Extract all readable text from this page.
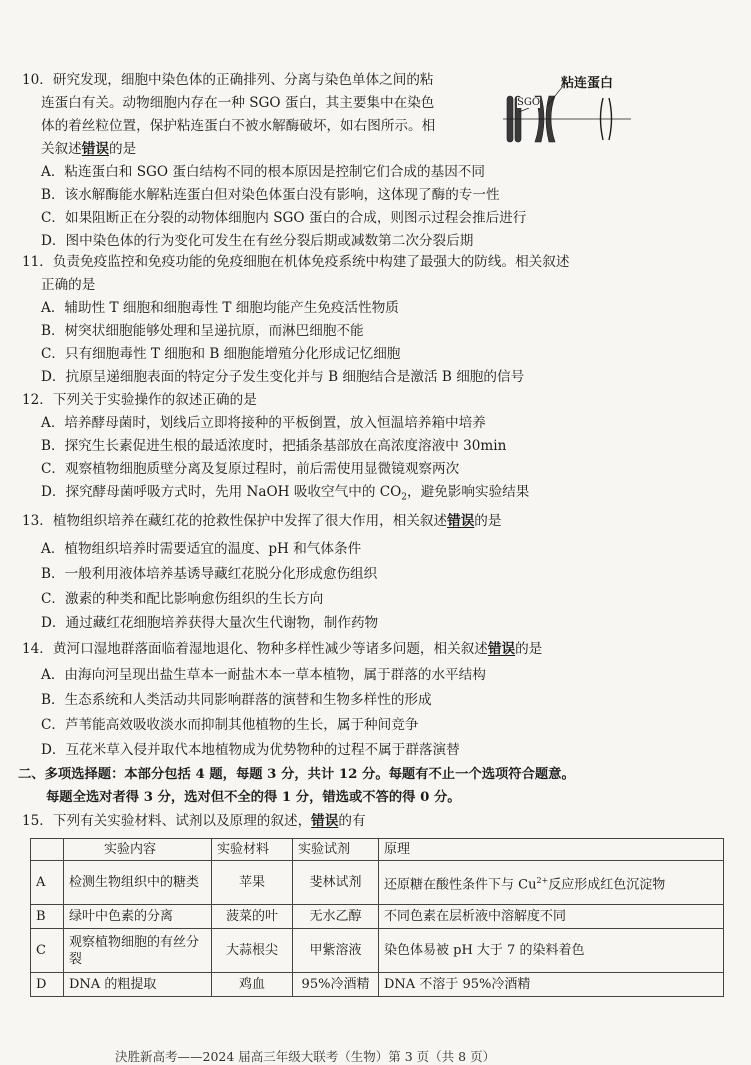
10．研究发现，细胞中染色体的正确排列、分离与染色单体之间的粘
连蛋白有关。动物细胞内存在一种 SGO 蛋白，其主要集中在染色
体的着丝粒位置，保护粘连蛋白不被水解酶破坏，如右图所示。相
关叙述错误的是
A．粘连蛋白和 SGO 蛋白结构不同的根本原因是控制它们合成的基因不同
B．该水解酶能水解粘连蛋白但对染色体蛋白没有影响，这体现了酶的专一性
C．如果阻断正在分裂的动物体细胞内 SGO 蛋白的合成，则图示过程会推后进行
D．图中染色体的行为变化可发生在有丝分裂后期或减数第二次分裂后期
粘连蛋白
SGO
11．负责免疫监控和免疫功能的免疫细胞在机体免疫系统中构建了最强大的防线。相关叙述
正确的是
A．辅助性 T 细胞和细胞毒性 T 细胞均能产生免疫活性物质
B．树突状细胞能够处理和呈递抗原，而淋巴细胞不能
C．只有细胞毒性 T 细胞和 B 细胞能增殖分化形成记忆细胞
D．抗原呈递细胞表面的特定分子发生变化并与 B 细胞结合是激活 B 细胞的信号
12．下列关于实验操作的叙述正确的是
A．培养酵母菌时，划线后立即将接种的平板倒置，放入恒温培养箱中培养
B．探究生长素促进生根的最适浓度时，把插条基部放在高浓度溶液中 30min
C．观察植物细胞质壁分离及复原过程时，前后需使用显微镜观察两次
D．探究酵母菌呼吸方式时，先用 NaOH 吸收空气中的 $CO_2$，避免影响实验结果
13．植物组织培养在藏红花的抢救性保护中发挥了很大作用，相关叙述错误的是
A．植物组织培养时需要适宜的温度、pH 和气体条件
B．一般利用液体培养基诱导藏红花脱分化形成愈伤组织
C．激素的种类和配比影响愈伤组织的生长方向
D．通过藏红花细胞培养获得大量次生代谢物，制作药物
14．黄河口湿地群落面临着湿地退化、物种多样性减少等诸多问题，相关叙述错误的是
A．由海向河呈现出盐生草本一耐盐木本一草本植物，属于群落的水平结构
B．生态系统和人类活动共同影响群落的演替和生物多样性的形成
C．芦苇能高效吸收淡水而抑制其他植物的生长，属于种间竞争
D．互花米草入侵并取代本地植物成为优势物种的过程不属于群落演替
二、多项选择题：本部分包括 4 题，每题 3 分，共计 12 分。每题有不止一个选项符合题意。
每题全选对者得 3 分，选对但不全的得 1 分，错选或不答的得 0 分。
15．下列有关实验材料、试剂以及原理的叙述，错误的有
	实验内容	实验材料	实验试剂	原理
A	检测生物组织中的糖类	苹果	斐林试剂	还原糖在酸性条件下与 $Cu^{2+}$反应形成红色沉淀物
B	绿叶中色素的分离	菠菜的叶	无水乙醇	不同色素在层析液中溶解度不同
C	观察植物细胞的有丝分裂	大蒜根尖	甲紫溶液	染色体易被 pH 大于 7 的染料着色
D	DNA 的粗提取	鸡血	95%冷酒精	DNA 不溶于 95%冷酒精
決胜新高考——2024 届高三年级大联考（生物）第 3 页（共 8 页）
